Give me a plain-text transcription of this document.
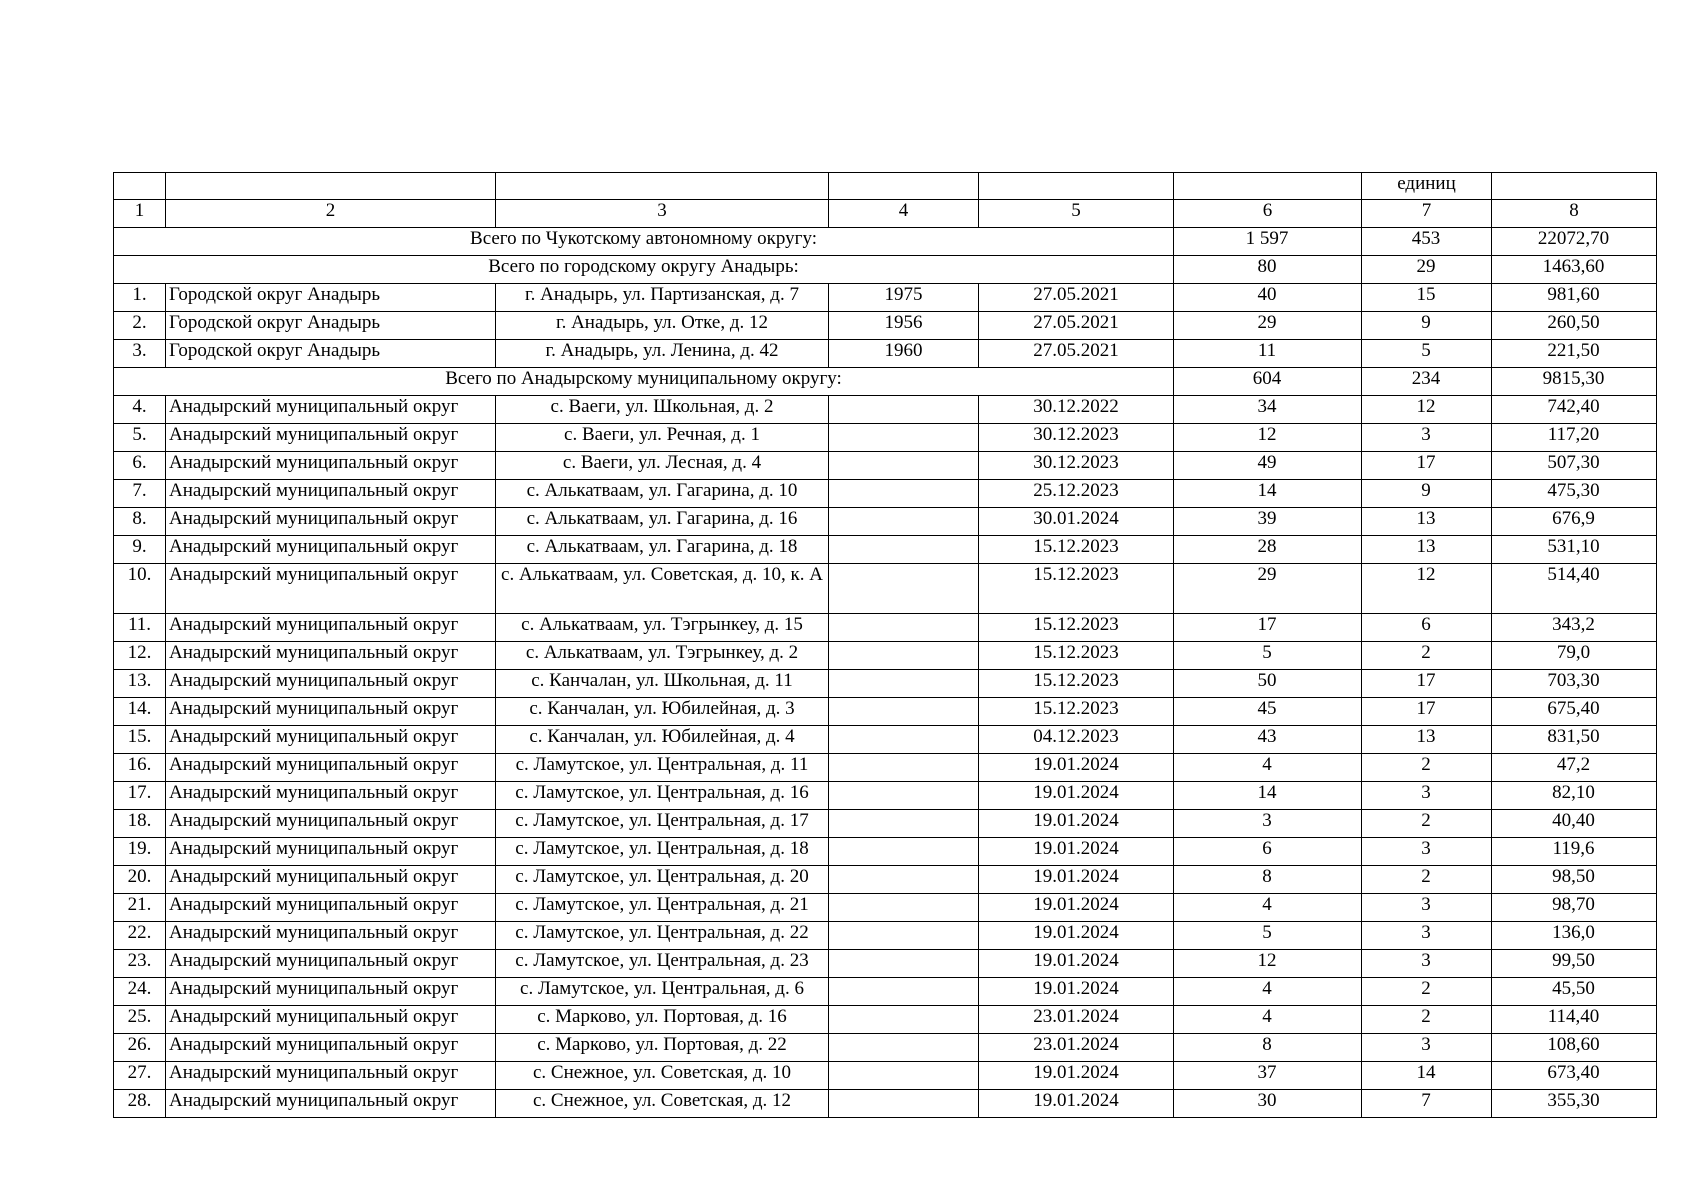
						единиц	
1	2	3	4	5	6	7	8
Всего по Чукотскому автономному округу:					1 597	453	22072,70
Всего по городскому округу Анадырь:					80	29	1463,60
1.	Городской округ Анадырь	г. Анадырь, ул. Партизанская, д. 7	1975	27.05.2021	40	15	981,60
2.	Городской округ Анадырь	г. Анадырь, ул. Отке, д. 12	1956	27.05.2021	29	9	260,50
3.	Городской округ Анадырь	г. Анадырь, ул. Ленина, д. 42	1960	27.05.2021	11	5	221,50
Всего по Анадырскому муниципальному округу:					604	234	9815,30
4.	Анадырский муниципальный округ	с. Ваеги, ул. Школьная, д. 2		30.12.2022	34	12	742,40
5.	Анадырский муниципальный округ	с. Ваеги, ул. Речная, д. 1		30.12.2023	12	3	117,20
6.	Анадырский муниципальный округ	с. Ваеги, ул. Лесная, д. 4		30.12.2023	49	17	507,30
7.	Анадырский муниципальный округ	с. Алькатваам, ул. Гагарина, д. 10		25.12.2023	14	9	475,30
8.	Анадырский муниципальный округ	с. Алькатваам, ул. Гагарина, д. 16		30.01.2024	39	13	676,9
9.	Анадырский муниципальный округ	с. Алькатваам, ул. Гагарина, д. 18		15.12.2023	28	13	531,10
10.	Анадырский муниципальный округ	с. Алькатваам, ул. Советская, д. 10, к. А		15.12.2023	29	12	514,40
11.	Анадырский муниципальный округ	с. Алькатваам, ул. Тэгрынкеу, д. 15		15.12.2023	17	6	343,2
12.	Анадырский муниципальный округ	с. Алькатваам, ул. Тэгрынкеу, д. 2		15.12.2023	5	2	79,0
13.	Анадырский муниципальный округ	с. Канчалан, ул. Школьная, д. 11		15.12.2023	50	17	703,30
14.	Анадырский муниципальный округ	с. Канчалан, ул. Юбилейная, д. 3		15.12.2023	45	17	675,40
15.	Анадырский муниципальный округ	с. Канчалан, ул. Юбилейная, д. 4		04.12.2023	43	13	831,50
16.	Анадырский муниципальный округ	с. Ламутское, ул. Центральная, д. 11		19.01.2024	4	2	47,2
17.	Анадырский муниципальный округ	с. Ламутское, ул. Центральная, д. 16		19.01.2024	14	3	82,10
18.	Анадырский муниципальный округ	с. Ламутское, ул. Центральная, д. 17		19.01.2024	3	2	40,40
19.	Анадырский муниципальный округ	с. Ламутское, ул. Центральная, д. 18		19.01.2024	6	3	119,6
20.	Анадырский муниципальный округ	с. Ламутское, ул. Центральная, д. 20		19.01.2024	8	2	98,50
21.	Анадырский муниципальный округ	с. Ламутское, ул. Центральная, д. 21		19.01.2024	4	3	98,70
22.	Анадырский муниципальный округ	с. Ламутское, ул. Центральная, д. 22		19.01.2024	5	3	136,0
23.	Анадырский муниципальный округ	с. Ламутское, ул. Центральная, д. 23		19.01.2024	12	3	99,50
24.	Анадырский муниципальный округ	с. Ламутское, ул. Центральная, д. 6		19.01.2024	4	2	45,50
25.	Анадырский муниципальный округ	с. Марково, ул. Портовая, д. 16		23.01.2024	4	2	114,40
26.	Анадырский муниципальный округ	с. Марково, ул. Портовая, д. 22		23.01.2024	8	3	108,60
27.	Анадырский муниципальный округ	с. Снежное, ул. Советская, д. 10		19.01.2024	37	14	673,40
28.	Анадырский муниципальный округ	с. Снежное, ул. Советская, д. 12		19.01.2024	30	7	355,30
